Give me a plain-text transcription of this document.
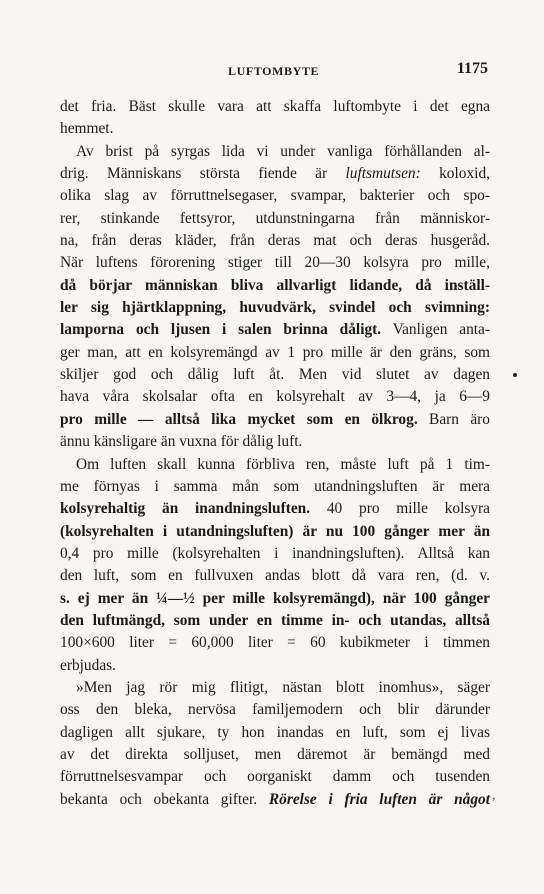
LUFTOMBYTE	1175
det fria. Bäst skulle vara att skaffa luftombyte i det egna
hemmet.
Av brist på syrgas lida vi under vanliga förhållanden al-
drig. Människans största fiende är luftsmutsen: koloxid,
olika slag av förruttnelsegaser, svampar, bakterier och spo-
rer, stinkande fettsyror, utdunstningarna från människor-
na, från deras kläder, från deras mat och deras husgeråd.
När luftens förorening stiger till 20—30 kolsyra pro mille,
då börjar människan bliva allvarligt lidande, då inställ-
ler sig hjärtklappning, huvudvärk, svindel och svimning:
lamporna och ljusen i salen brinna dåligt. Vanligen anta-
ger man, att en kolsyremängd av 1 pro mille är den gräns, som
skiljer god och dålig luft åt. Men vid slutet av dagen
hava våra skolsalar ofta en kolsyrehalt av 3—4, ja 6—9
pro mille — alltså lika mycket som en ölkrog. Barn äro
ännu känsligare än vuxna för dålig luft.
Om luften skall kunna förbliva ren, måste luft på 1 tim-
me förnyas i samma mån som utandningsluften är mera
kolsyrehaltig än inandningsluften. 40 pro mille kolsyra
(kolsyrehalten i utandningsluften) är nu 100 gånger mer än
0,4 pro mille (kolsyrehalten i inandningsluften). Alltså kan
den luft, som en fullvuxen andas blott då vara ren, (d. v.
s. ej mer än ¼—½ per mille kolsyremängd), när 100 gånger
den luftmängd, som under en timme in- och utandas, alltså
100×600 liter = 60,000 liter = 60 kubikmeter i timmen
erbjudas.
»Men jag rör mig flitigt, nästan blott inomhus», säger
oss den bleka, nervösa familjemodern och blir därunder
dagligen allt sjukare, ty hon inandas en luft, som ej livas
av det direkta solljuset, men däremot är bemängd med
förruttnelsesvampar och oorganiskt damm och tusenden
bekanta och obekanta gifter. Rörelse i fria luften är något ,
